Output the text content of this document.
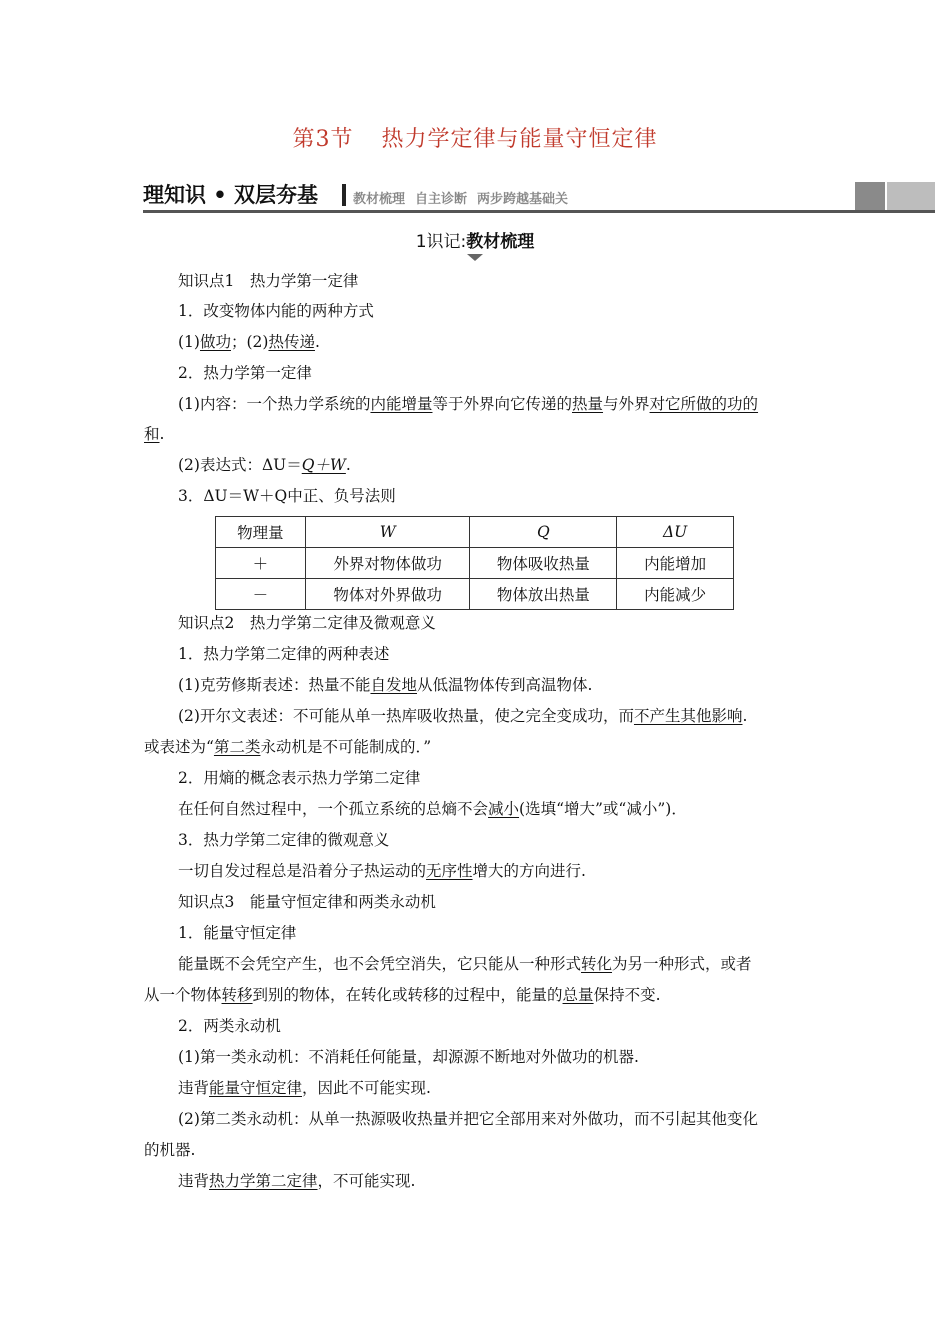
第3节 热力学定律与能量守恒定律
理知识 • 双层夯基	教材梳理 自主诊断 两步跨越基础关
1识记:教材梳理
知识点1　热力学第一定律
1．改变物体内能的两种方式
(1)做功；(2)热传递.
2．热力学第一定律
(1)内容：一个热力学系统的内能增量等于外界向它传递的热量与外界对它所做的功的
和.
(2)表达式：ΔU＝Q＋W.
3．ΔU＝W＋Q中正、负号法则
物理量	W	Q	ΔU
＋	外界对物体做功	物体吸收热量	内能增加
－	物体对外界做功	物体放出热量	内能减少
知识点2　热力学第二定律及微观意义
1．热力学第二定律的两种表述
(1)克劳修斯表述：热量不能自发地从低温物体传到高温物体.
(2)开尔文表述：不可能从单一热库吸收热量，使之完全变成功，而不产生其他影响.
或表述为“第二类永动机是不可能制成的．”
2．用熵的概念表示热力学第二定律
在任何自然过程中，一个孤立系统的总熵不会减小(选填“增大”或“减小”)．
3．热力学第二定律的微观意义
一切自发过程总是沿着分子热运动的无序性增大的方向进行.
知识点3　能量守恒定律和两类永动机
1．能量守恒定律
能量既不会凭空产生，也不会凭空消失，它只能从一种形式转化为另一种形式，或者
从一个物体转移到别的物体，在转化或转移的过程中，能量的总量保持不变.
2．两类永动机
(1)第一类永动机：不消耗任何能量，却源源不断地对外做功的机器.
违背能量守恒定律，因此不可能实现.
(2)第二类永动机：从单一热源吸收热量并把它全部用来对外做功，而不引起其他变化
的机器.
违背热力学第二定律，不可能实现.
